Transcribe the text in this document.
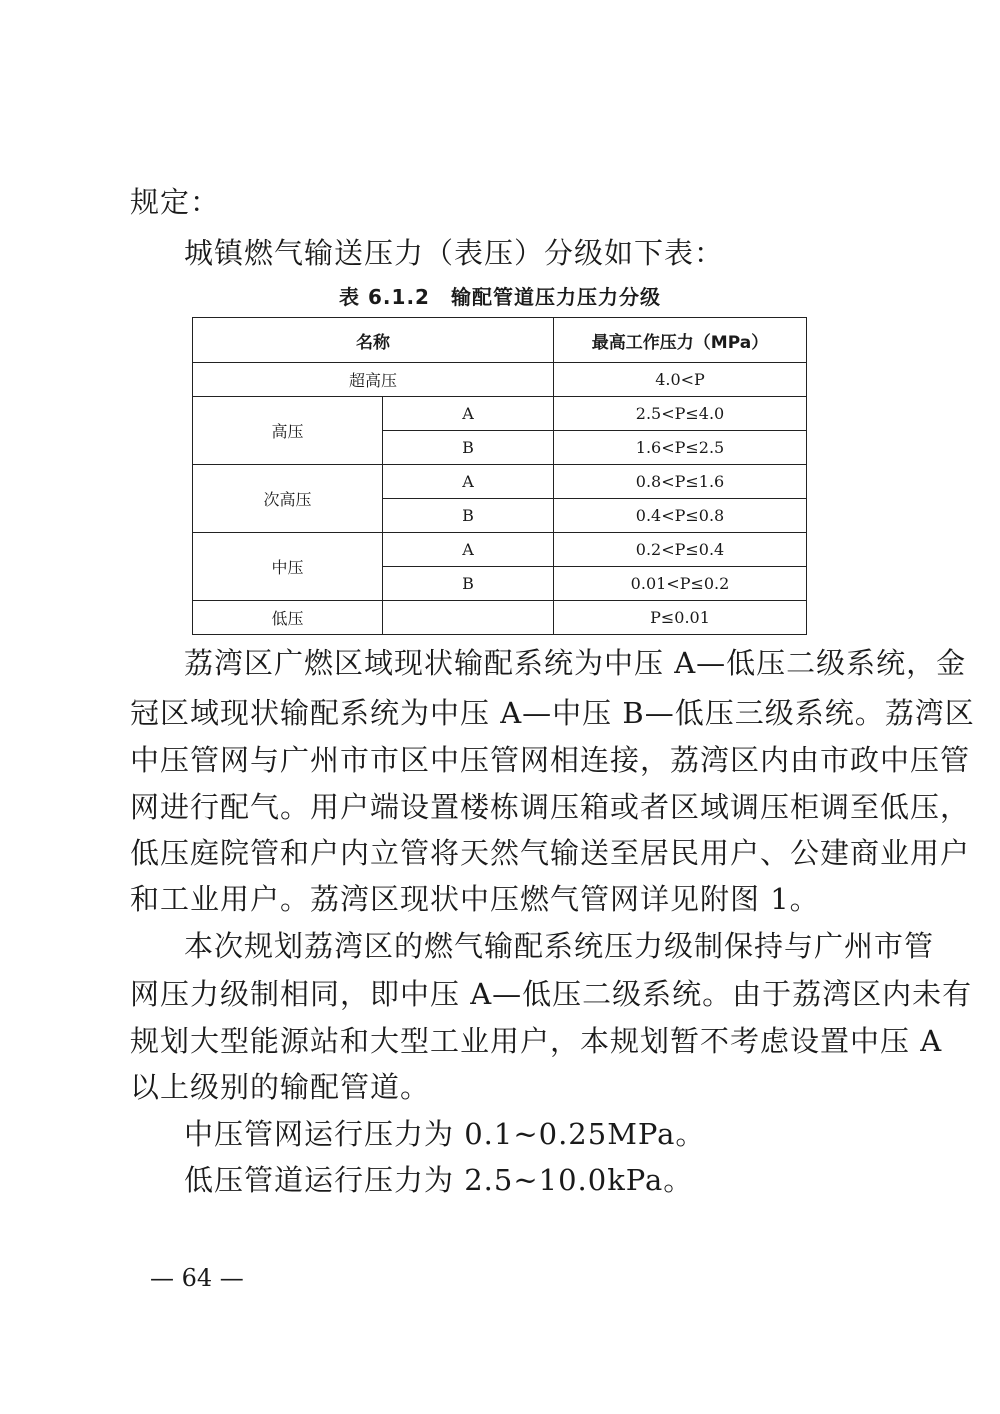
规定：
城镇燃气输送压力（表压）分级如下表：
表 6.1.2　输配管道压力压力分级
名称		最高工作压力（MPa）
超高压		4.0<P
高压	A	2.5<P≤4.0
	B	1.6<P≤2.5
次高压	A	0.8<P≤1.6
	B	0.4<P≤0.8
中压	A	0.2<P≤0.4
	B	0.01<P≤0.2
低压		P≤0.01
荔湾区广燃区域现状输配系统为中压 A—低压二级系统，金
冠区域现状输配系统为中压 A—中压 B—低压三级系统。荔湾区
中压管网与广州市市区中压管网相连接，荔湾区内由市政中压管
网进行配气。用户端设置楼栋调压箱或者区域调压柜调至低压，
低压庭院管和户内立管将天然气输送至居民用户、公建商业用户
和工业用户。荔湾区现状中压燃气管网详见附图 1。
本次规划荔湾区的燃气输配系统压力级制保持与广州市管
网压力级制相同，即中压 A—低压二级系统。由于荔湾区内未有
规划大型能源站和大型工业用户，本规划暂不考虑设置中压 A
以上级别的输配管道。
中压管网运行压力为 0.1~0.25MPa。
低压管道运行压力为 2.5~10.0kPa。
— 64 —
